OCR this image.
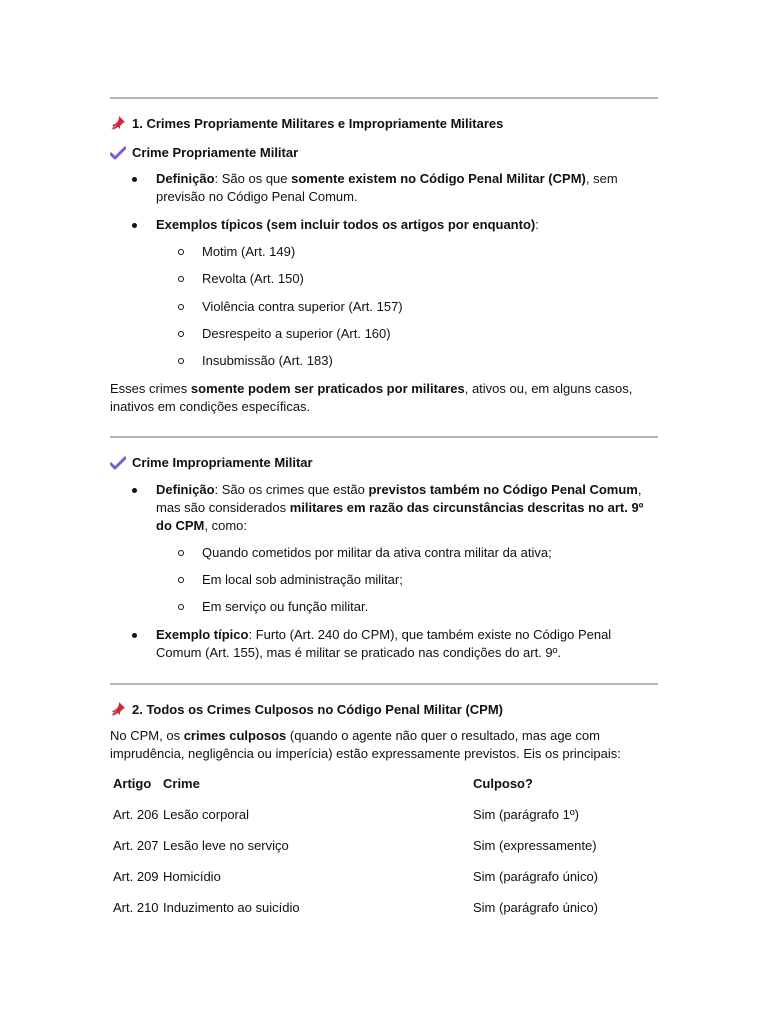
1. Crimes Propriamente Militares e Impropriamente Militares
Crime Propriamente Militar
Definição: São os que somente existem no Código Penal Militar (CPM), sem previsão no Código Penal Comum.
Exemplos típicos (sem incluir todos os artigos por enquanto):
Motim (Art. 149)
Revolta (Art. 150)
Violência contra superior (Art. 157)
Desrespeito a superior (Art. 160)
Insubmissão (Art. 183)
Esses crimes somente podem ser praticados por militares, ativos ou, em alguns casos, inativos em condições específicas.
Crime Impropriamente Militar
Definição: São os crimes que estão previstos também no Código Penal Comum, mas são considerados militares em razão das circunstâncias descritas no art. 9º do CPM, como:
Quando cometidos por militar da ativa contra militar da ativa;
Em local sob administração militar;
Em serviço ou função militar.
Exemplo típico: Furto (Art. 240 do CPM), que também existe no Código Penal Comum (Art. 155), mas é militar se praticado nas condições do art. 9º.
2. Todos os Crimes Culposos no Código Penal Militar (CPM)
No CPM, os crimes culposos (quando o agente não quer o resultado, mas age com imprudência, negligência ou imperícia) estão expressamente previstos. Eis os principais:
Artigo Crime	Culposo?
Art. 206 Lesão corporal	Sim (parágrafo 1º)
Art. 207 Lesão leve no serviço	Sim (expressamente)
Art. 209 Homicídio	Sim (parágrafo único)
Art. 210 Induzimento ao suicídio	Sim (parágrafo único)
